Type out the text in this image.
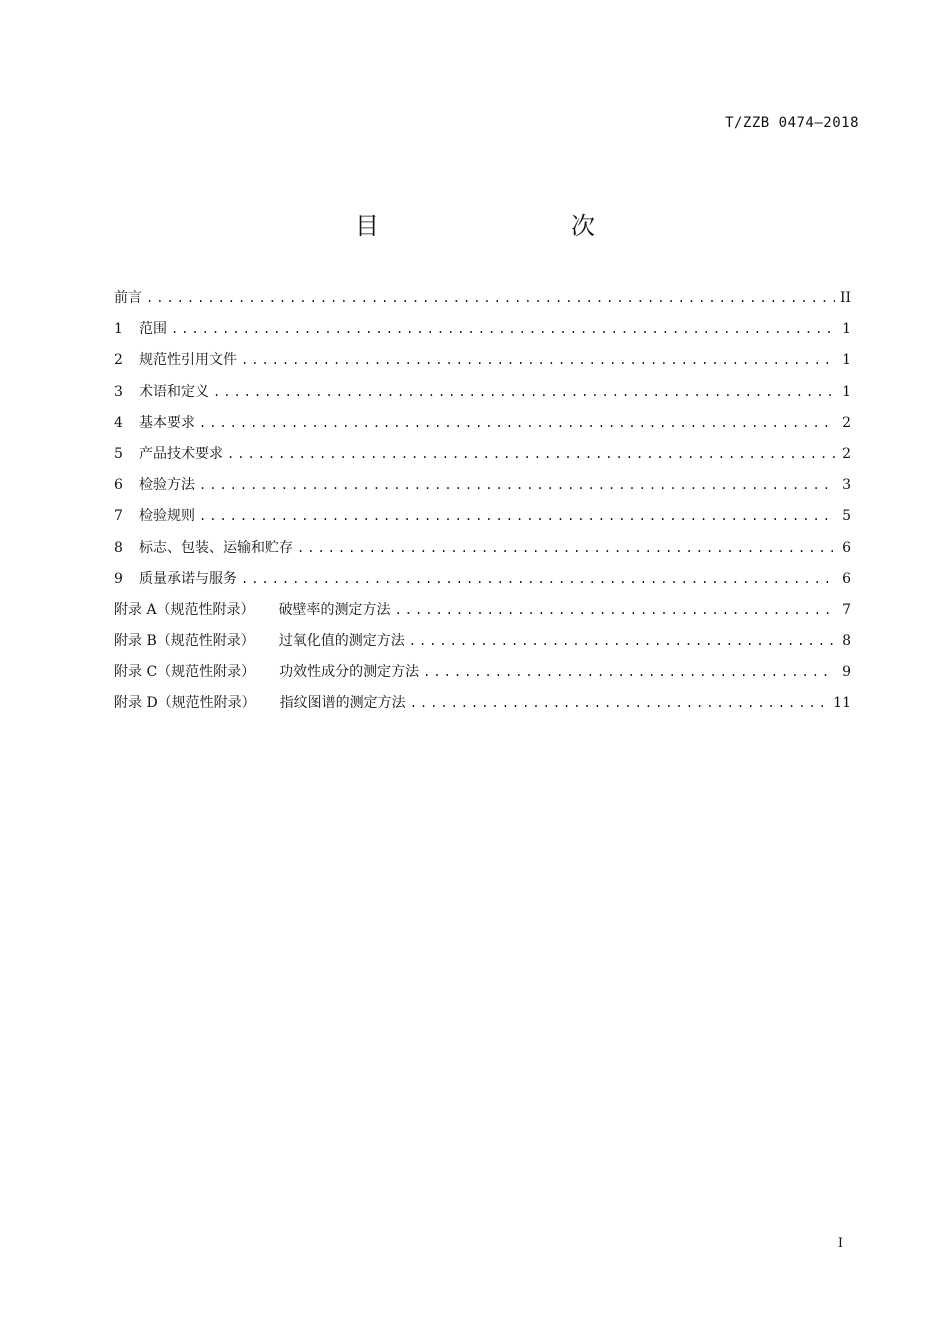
T/ZZB 0474—2018
目　　次
前言 .....	II
1	范围 .....	1
2	规范性引用文件 .....	1
3	术语和定义 .....	1
4	基本要求 .....	2
5	产品技术要求 .....	2
6	检验方法 .....	3
7	检验规则 .....	5
8	标志、包装、运输和贮存 .....	6
9	质量承诺与服务 .....	6
附录 A（规范性附录） 破壁率的测定方法 .....	7
附录 B（规范性附录） 过氧化值的测定方法 .....	8
附录 C（规范性附录） 功效性成分的测定方法 .....	9
附录 D（规范性附录） 指纹图谱的测定方法 .....	11
I
